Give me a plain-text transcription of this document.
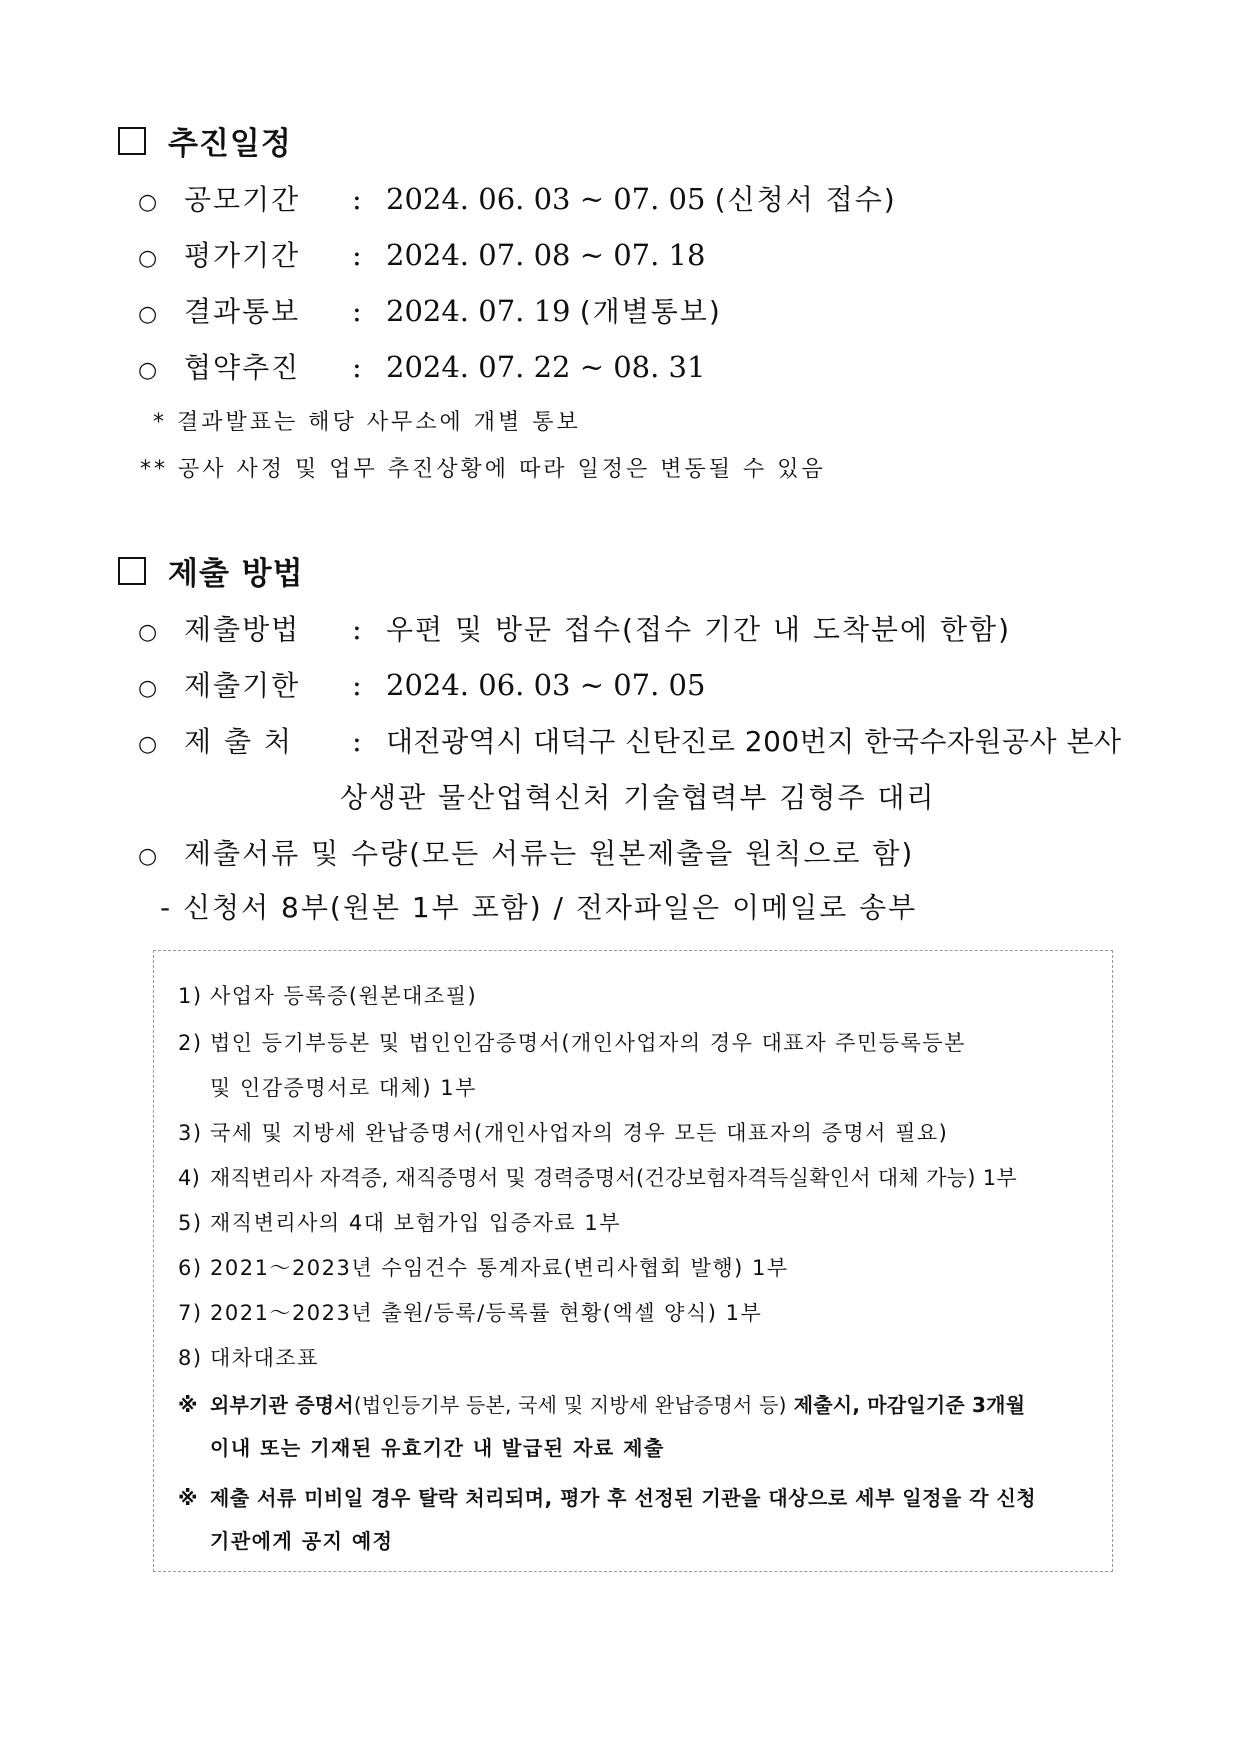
추진일정
○ 공모기간 : 2024. 06. 03 ~ 07. 05 (신청서 접수)
○ 평가기간 : 2024. 07. 08 ~ 07. 18
○ 결과통보 : 2024. 07. 19 (개별통보)
○ 협약추진 : 2024. 07. 22 ~ 08. 31
* 결과발표는 해당 사무소에 개별 통보
** 공사 사정 및 업무 추진상황에 따라 일정은 변동될 수 있음
제출 방법
○ 제출방법 : 우편 및 방문 접수(접수 기간 내 도착분에 한함)
○ 제출기한 : 2024. 06. 03 ~ 07. 05
○ 제 출 처 : 대전광역시 대덕구 신탄진로 200번지 한국수자원공사 본사
상생관 물산업혁신처 기술협력부 김형주 대리
○ 제출서류 및 수량(모든 서류는 원본제출을 원칙으로 함)
- 신청서 8부(원본 1부 포함) / 전자파일은 이메일로 송부
1) 사업자 등록증(원본대조필)
2) 법인 등기부등본 및 법인인감증명서(개인사업자의 경우 대표자 주민등록등본
및 인감증명서로 대체) 1부
3) 국세 및 지방세 완납증명서(개인사업자의 경우 모든 대표자의 증명서 필요)
4) 재직변리사 자격증, 재직증명서 및 경력증명서(건강보험자격득실확인서 대체 가능) 1부
5) 재직변리사의 4대 보험가입 입증자료 1부
6) 2021～2023년 수임건수 통계자료(변리사협회 발행) 1부
7) 2021～2023년 출원/등록/등록률 현황(엑셀 양식) 1부
8) 대차대조표
※ 외부기관 증명서(법인등기부 등본, 국세 및 지방세 완납증명서 등) 제출시, 마감일기준 3개월
이내 또는 기재된 유효기간 내 발급된 자료 제출
※ 제출 서류 미비일 경우 탈락 처리되며, 평가 후 선정된 기관을 대상으로 세부 일정을 각 신청
기관에게 공지 예정
